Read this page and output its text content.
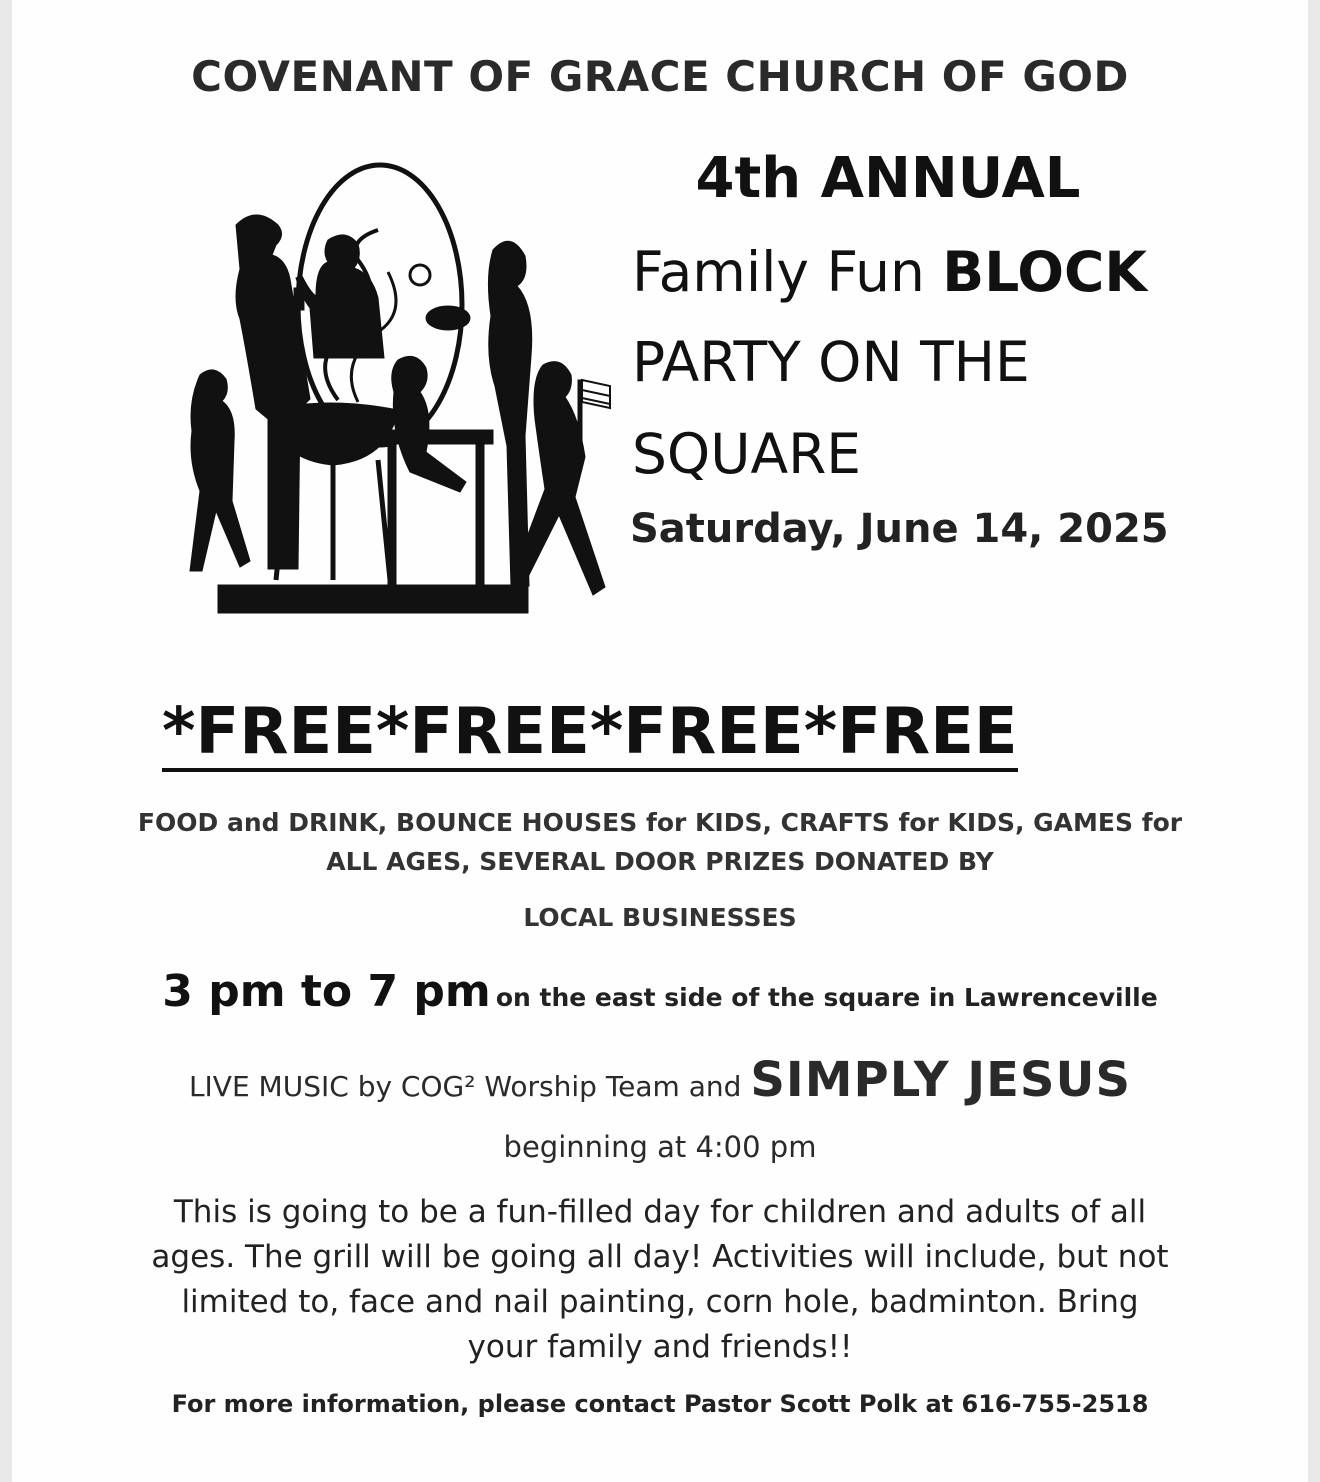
COVENANT OF GRACE CHURCH OF GOD
4th ANNUAL
Family Fun BLOCK
PARTY ON THE
SQUARE
Saturday, June 14, 2025
*FREE*FREE*FREE*FREE
FOOD and DRINK, BOUNCE HOUSES for KIDS, CRAFTS for KIDS, GAMES for
ALL AGES, SEVERAL DOOR PRIZES DONATED BY
LOCAL BUSINESSES
3 pm to 7 pm on the east side of the square in Lawrenceville
LIVE MUSIC by COG² Worship Team and SIMPLY JESUS
beginning at 4:00 pm
This is going to be a fun-filled day for children and adults of all ages. The grill will be going all day! Activities will include, but not limited to, face and nail painting, corn hole, badminton. Bring your family and friends!!
For more information, please contact Pastor Scott Polk at 616-755-2518
